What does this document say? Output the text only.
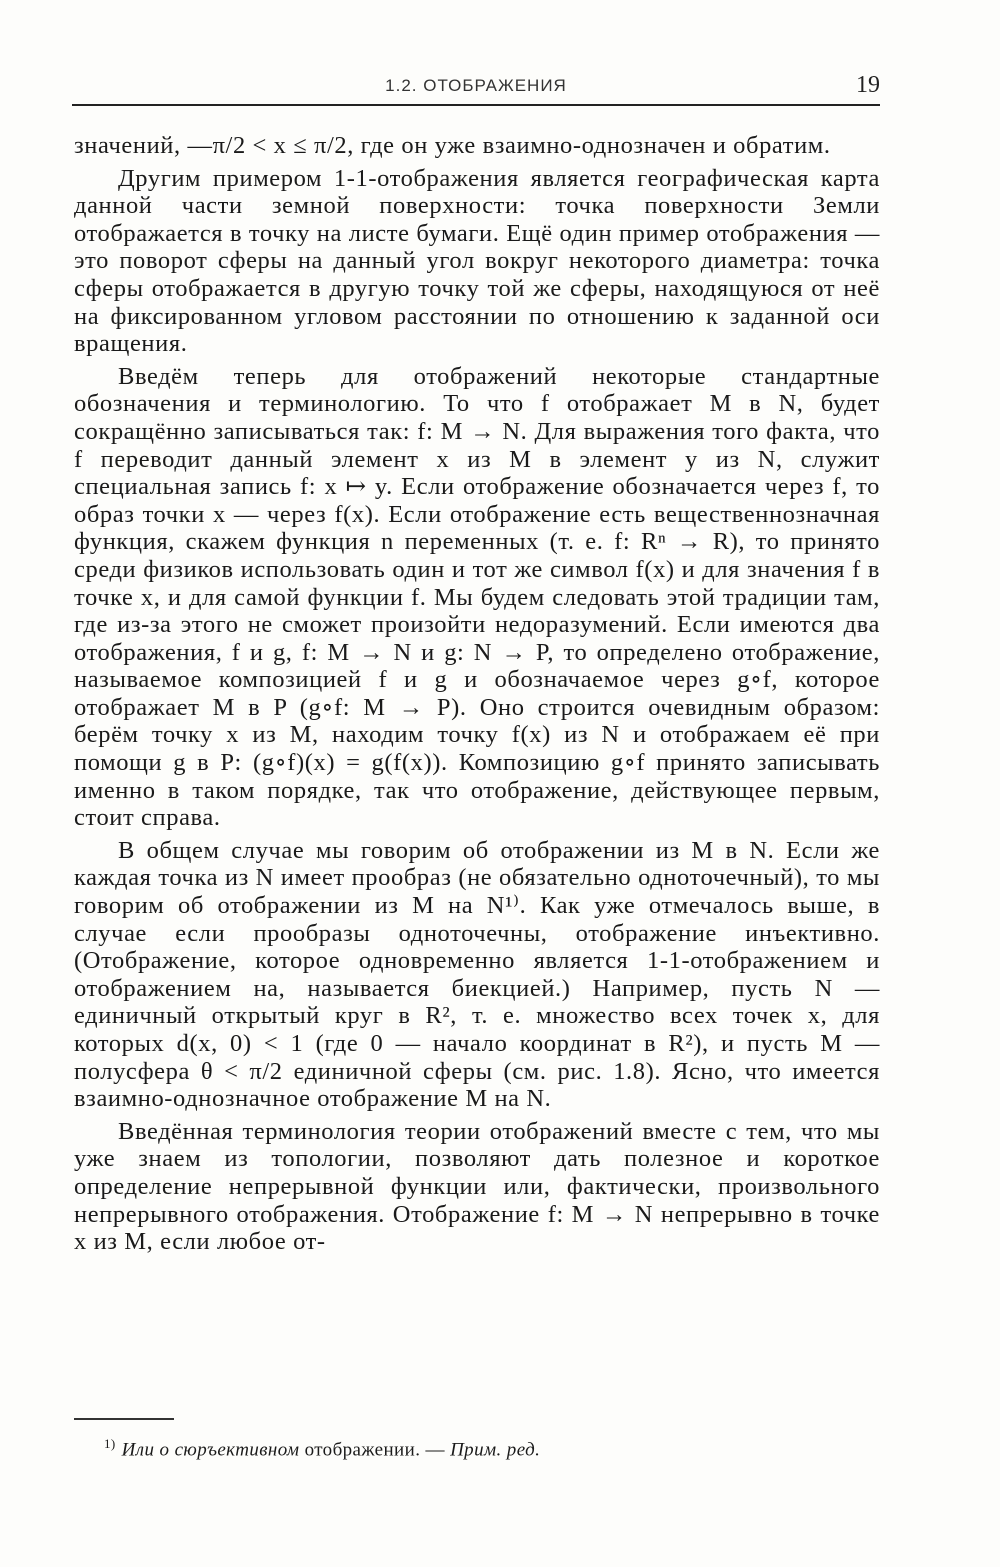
1.2. ОТОБРАЖЕНИЯ	19

значений, —π/2 < x ≤ π/2, где он уже взаимно-однозначен и обратим.

Другим примером 1-1-отображения является географическая карта данной части земной поверхности: точка поверхности Земли отображается в точку на листе бумаги. Ещё один пример отображения — это поворот сферы на данный угол вокруг некоторого диаметра: точка сферы отображается в другую точку той же сферы, находящуюся от неё на фиксированном угловом расстоянии по отношению к заданной оси вращения.

Введём теперь для отображений некоторые стандартные обозначения и терминологию. То что f отображает M в N, будет сокращённо записываться так: f: M → N. Для выражения того факта, что f переводит данный элемент x из M в элемент y из N, служит специальная запись f: x ↦ y. Если отображение обозначается через f, то образ точки x — через f(x). Если отображение есть вещественнозначная функция, скажем функция n переменных (т. е. f: Rⁿ → R), то принято среди физиков использовать один и тот же символ f(x) и для значения f в точке x, и для самой функции f. Мы будем следовать этой традиции там, где из-за этого не сможет произойти недоразумений. Если имеются два отображения, f и g, f: M → N и g: N → P, то определено отображение, называемое композицией f и g и обозначаемое через g∘f, которое отображает M в P (g∘f: M → P). Оно строится очевидным образом: берём точку x из M, находим точку f(x) из N и отображаем её при помощи g в P: (g∘f)(x) = g(f(x)). Композицию g∘f принято записывать именно в таком порядке, так что отображение, действующее первым, стоит справа.

В общем случае мы говорим об отображении из M в N. Если же каждая точка из N имеет прообраз (не обязательно одноточечный), то мы говорим об отображении из M на N¹⁾. Как уже отмечалось выше, в случае если прообразы одноточечны, отображение инъективно. (Отображение, которое одновременно является 1-1-отображением и отображением на, называется биекцией.) Например, пусть N — единичный открытый круг в R², т. е. множество всех точек x, для которых d(x, 0) < 1 (где 0 — начало координат в R²), и пусть M — полусфера θ < π/2 единичной сферы (см. рис. 1.8). Ясно, что имеется взаимно-однозначное отображение M на N.

Введённая терминология теории отображений вместе с тем, что мы уже знаем из топологии, позволяют дать полезное и короткое определение непрерывной функции или, фактически, произвольного непрерывного отображения. Отображение f: M → N непрерывно в точке x из M, если любое от-

$^{1)}$ Или о сюръективном отображении. — Прим. ред.
